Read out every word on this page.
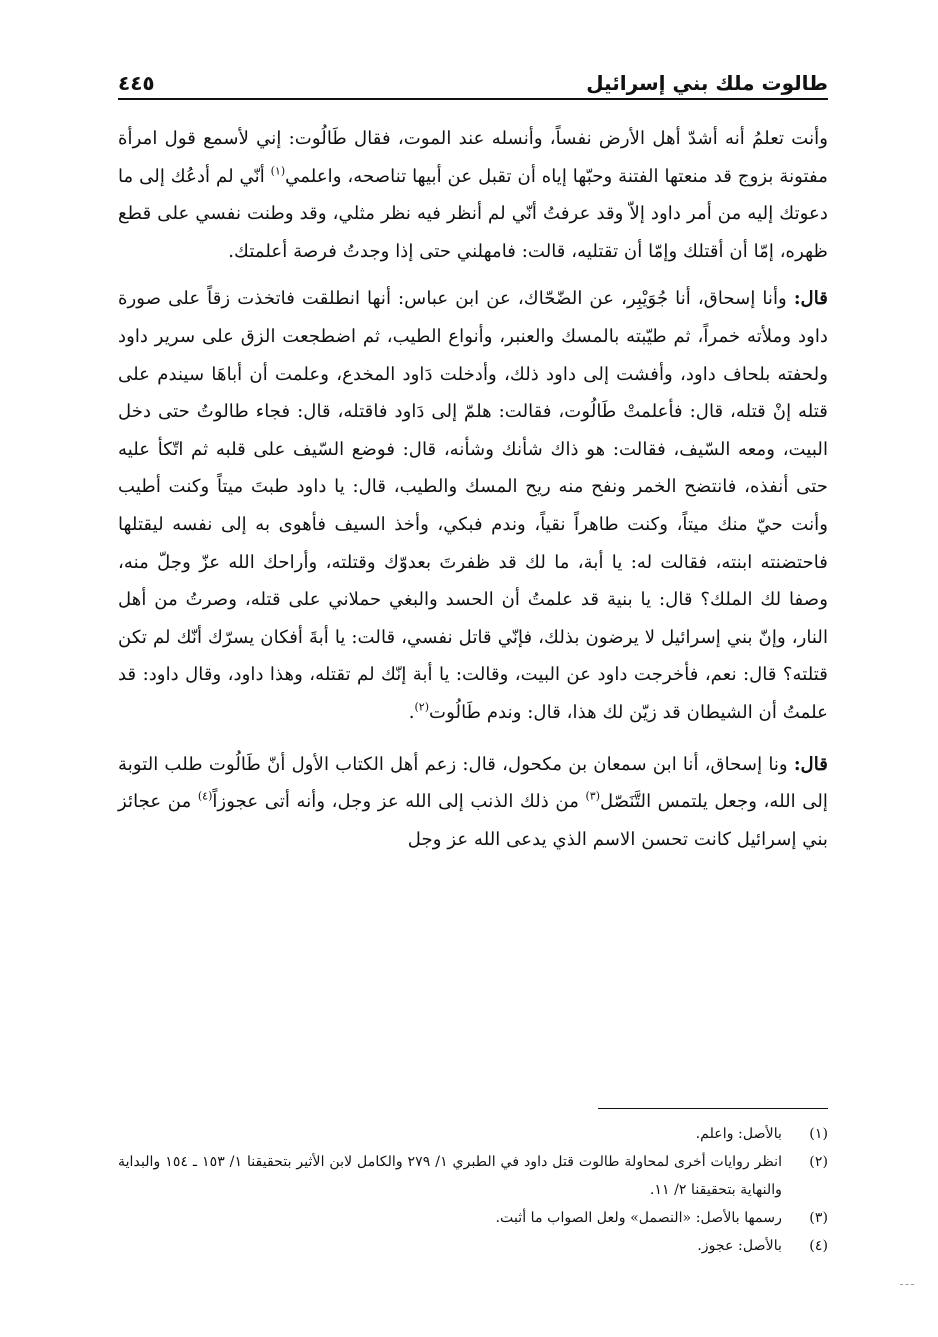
طالوت ملك بني إسرائيل
٤٤٥

وأنت تعلمُ أنه أشدّ أهل الأرض نفساً، وأنسله عند الموت، فقال طَالُوت: إني لأسمع قول امرأة مفتونة بزوج قد منعتها الفتنة وحبّها إياه أن تقبل عن أبيها تناصحه، واعلمي$^{(١)}$ أنّي لم أدعُك إلى ما دعوتك إليه من أمر داود إلاّ وقد عرفتُ أنّي لم أنظر فيه نظر مثلي، وقد وطنت نفسي على قطع ظهره، إمّا أن أقتلك وإمّا أن تقتليه، قالت: فامهلني حتى إذا وجدتُ فرصة أعلمتك.

قال: وأنا إسحاق، أنا جُوَيْبِر، عن الضّحّاك، عن ابن عباس: أنها انطلقت فاتخذت زقاً على صورة داود وملأته خمراً، ثم طيّبته بالمسك والعنبر، وأنواع الطيب، ثم اضطجعت الزق على سرير داود ولحفته بلحاف داود، وأفشت إلى داود ذلك، وأدخلت دَاود المخدع، وعلمت أن أباهَا سيندم على قتله إنْ قتله، قال: فأعلمتْ طَالُوت، فقالت: هلمّ إلى دَاود فاقتله، قال: فجاء طالوتُ حتى دخل البيت، ومعه السّيف، فقالت: هو ذاك شأنك وشأنه، قال: فوضع السّيف على قلبه ثم اتّكأ عليه حتى أنفذه، فانتضح الخمر ونفح منه ريح المسك والطيب، قال: يا داود طبتَ ميتاً وكنت أطيب وأنت حيّ منك ميتاً، وكنت طاهراً نقياً، وندم فبكي، وأخذ السيف فأهوى به إلى نفسه ليقتلها فاحتضنته ابنته، فقالت له: يا أبة، ما لك قد ظفرتَ بعدوّك وقتلته، وأراحك الله عزّ وجلّ منه، وصفا لك الملك؟ قال: يا بنية قد علمتُ أن الحسد والبغي حملاني على قتله، وصرتُ من أهل النار، وإنّ بني إسرائيل لا يرضون بذلك، فإنّي قاتل نفسي، قالت: يا أبةَ أفكان يسرّك أنّك لم تكن قتلته؟ قال: نعم، فأخرجت داود عن البيت، وقالت: يا أبة إنّك لم تقتله، وهذا داود، وقال داود: قد علمتُ أن الشيطان قد زيّن لك هذا، قال: وندم طَالُوت$^{(٢)}$.

قال: ونا إسحاق، أنا ابن سمعان بن مكحول، قال: زعم أهل الكتاب الأول أنّ طَالُوت طلب التوبة إلى الله، وجعل يلتمس التَّنَصّل$^{(٣)}$ من ذلك الذنب إلى الله عز وجل، وأنه أتى عجوزاً$^{(٤)}$ من عجائز بني إسرائيل كانت تحسن الاسم الذي يدعى الله عز وجل

(١)
بالأصل: واعلم.
(٢)
انظر روايات أخرى لمحاولة طالوت قتل داود في الطبري ١/ ٢٧٩ والكامل لابن الأثير بتحقيقنا ١/ ١٥٣ ـ ١٥٤ والبداية والنهاية بتحقيقنا ٢/ ١١.
(٣)
رسمها بالأصل: «النصمل» ولعل الصواب ما أثبت.
(٤)
بالأصل: عجوز.
